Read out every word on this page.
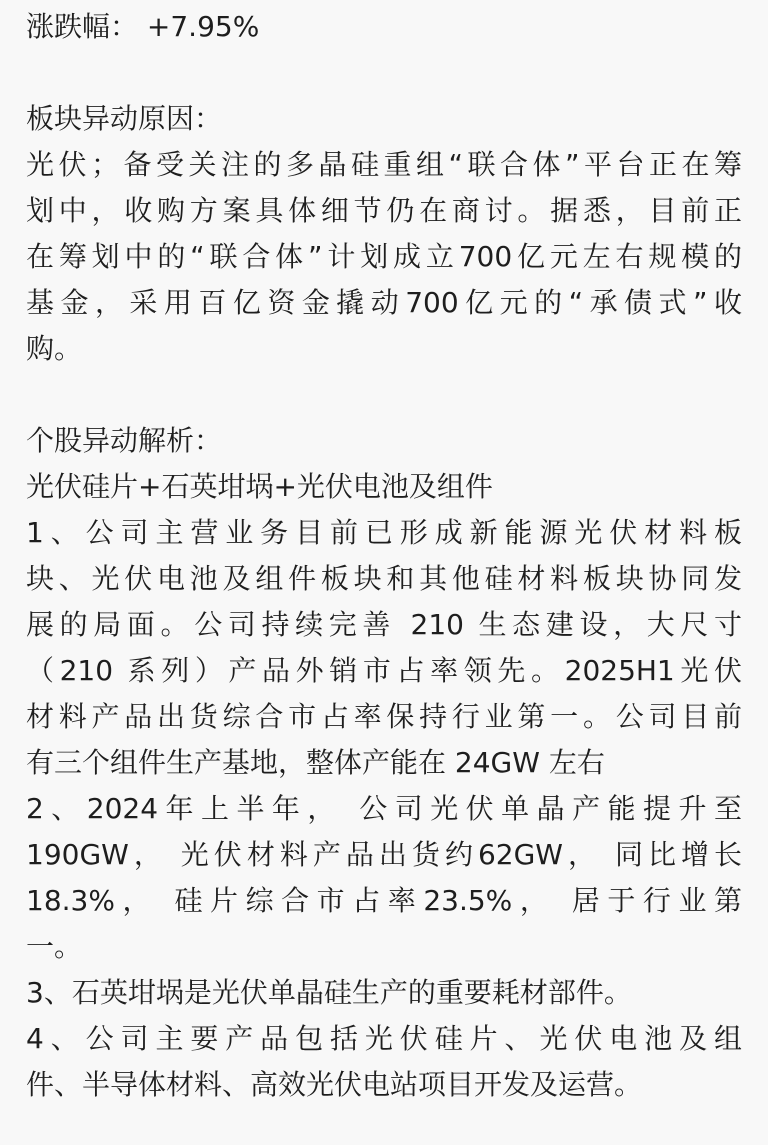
涨跌幅： +7.95%
板块异动原因：
光伏；备受关注的多晶硅重组“联合体”平台正在筹
划中，收购方案具体细节仍在商讨。据悉，目前正
在筹划中的“联合体”计划成立700亿元左右规模的
基金，采用百亿资金撬动700亿元的“承债式”收
购。
个股异动解析：
光伏硅片+石英坩埚+光伏电池及组件
1、公司主营业务目前已形成新能源光伏材料板
块、光伏电池及组件板块和其他硅材料板块协同发
展的局面。公司持续完善 210 生态建设，大尺寸
（210 系列）产品外销市占率领先。2025H1光伏
材料产品出货综合市占率保持行业第一。公司目前
有三个组件生产基地，整体产能在 24GW 左右
2、2024年上半年， 公司光伏单晶产能提升至
190GW， 光伏材料产品出货约62GW， 同比增长
18.3%， 硅片综合市占率23.5%， 居于行业第
一。
3、石英坩埚是光伏单晶硅生产的重要耗材部件。
4、公司主要产品包括光伏硅片、光伏电池及组
件、半导体材料、高效光伏电站项目开发及运营。
